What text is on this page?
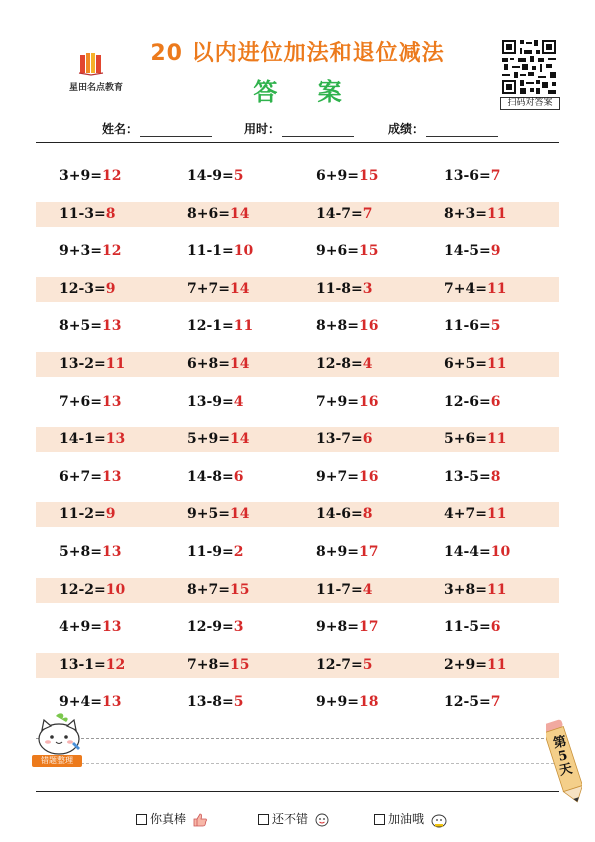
星田名点教育
20 以内进位加法和退位减法
答 案	扫码对答案
姓名：	用时：	成绩：
3+9=12	14-9=5	6+9=15	13-6=7
11-3=8	8+6=14	14-7=7	8+3=11
9+3=12	11-1=10	9+6=15	14-5=9
12-3=9	7+7=14	11-8=3	7+4=11
8+5=13	12-1=11	8+8=16	11-6=5
13-2=11	6+8=14	12-8=4	6+5=11
7+6=13	13-9=4	7+9=16	12-6=6
14-1=13	5+9=14	13-7=6	5+6=11
6+7=13	14-8=6	9+7=16	13-5=8
11-2=9	9+5=14	14-6=8	4+7=11
5+8=13	11-9=2	8+9=17	14-4=10
12-2=10	8+7=15	11-7=4	3+8=11
4+9=13	12-9=3	9+8=17	11-5=6
13-1=12	7+8=15	12-7=5	2+9=11
9+4=13	13-8=5	9+9=18	12-5=7
错题整理
第5天
你真棒	还不错	加油哦
